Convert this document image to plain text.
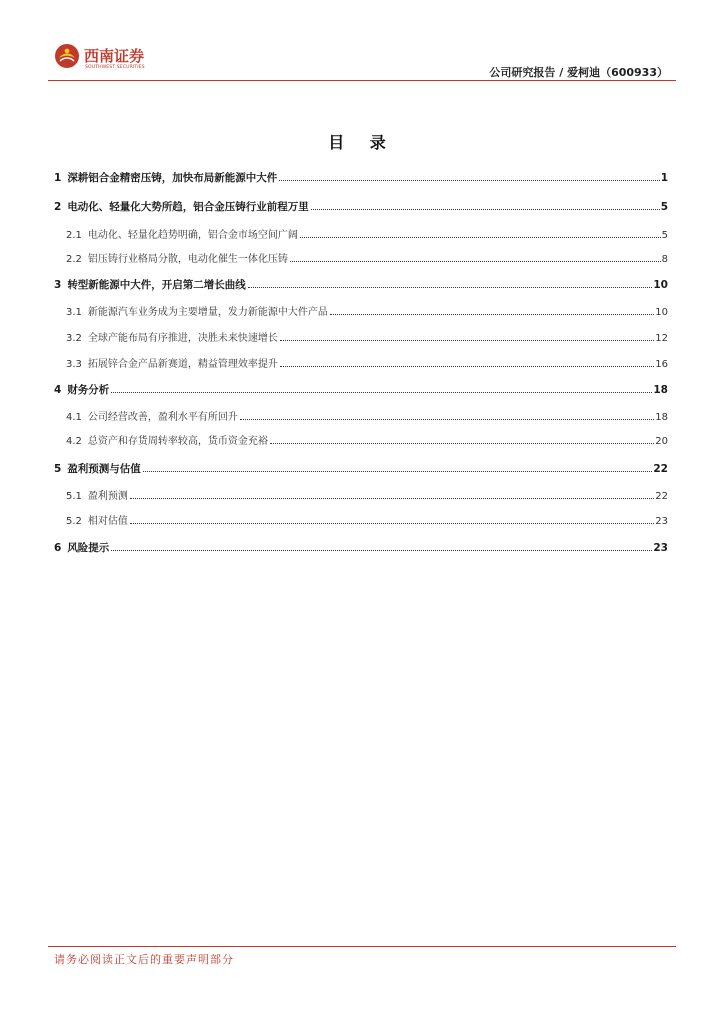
西南证券
SOUTHWEST SECURITIES	公司研究报告 / 爱柯迪（600933）
目 录
1 深耕铝合金精密压铸，加快布局新能源中大件	1
2 电动化、轻量化大势所趋，铝合金压铸行业前程万里	5
2.1 电动化、轻量化趋势明确，铝合金市场空间广阔	5
2.2 铝压铸行业格局分散，电动化催生一体化压铸	8
3 转型新能源中大件，开启第二增长曲线	10
3.1 新能源汽车业务成为主要增量，发力新能源中大件产品	10
3.2 全球产能布局有序推进，决胜未来快速增长	12
3.3 拓展锌合金产品新赛道，精益管理效率提升	16
4 财务分析	18
4.1 公司经营改善，盈利水平有所回升	18
4.2 总资产和存货周转率较高，货币资金充裕	20
5 盈利预测与估值	22
5.1 盈利预测	22
5.2 相对估值	23
6 风险提示	23
请务必阅读正文后的重要声明部分
